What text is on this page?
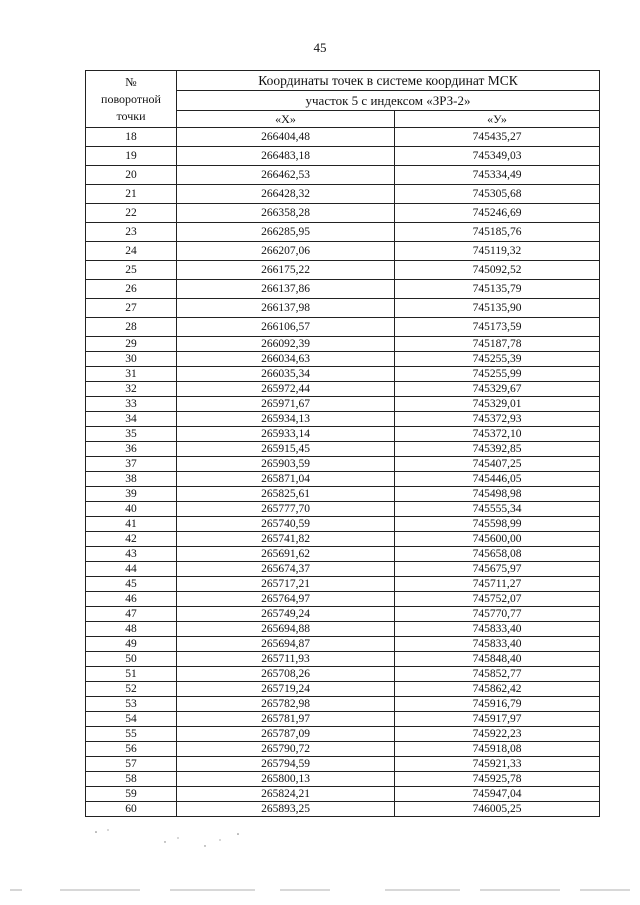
45
№
поворотной
точки	Координаты точек в системе координат МСК	
	участок 5 с индексом «ЗРЗ-2»	
	«X»	«У»
18	266404,48	745435,27
19	266483,18	745349,03
20	266462,53	745334,49
21	266428,32	745305,68
22	266358,28	745246,69
23	266285,95	745185,76
24	266207,06	745119,32
25	266175,22	745092,52
26	266137,86	745135,79
27	266137,98	745135,90
28	266106,57	745173,59
29	266092,39	745187,78
30	266034,63	745255,39
31	266035,34	745255,99
32	265972,44	745329,67
33	265971,67	745329,01
34	265934,13	745372,93
35	265933,14	745372,10
36	265915,45	745392,85
37	265903,59	745407,25
38	265871,04	745446,05
39	265825,61	745498,98
40	265777,70	745555,34
41	265740,59	745598,99
42	265741,82	745600,00
43	265691,62	745658,08
44	265674,37	745675,97
45	265717,21	745711,27
46	265764,97	745752,07
47	265749,24	745770,77
48	265694,88	745833,40
49	265694,87	745833,40
50	265711,93	745848,40
51	265708,26	745852,77
52	265719,24	745862,42
53	265782,98	745916,79
54	265781,97	745917,97
55	265787,09	745922,23
56	265790,72	745918,08
57	265794,59	745921,33
58	265800,13	745925,78
59	265824,21	745947,04
60	265893,25	746005,25
